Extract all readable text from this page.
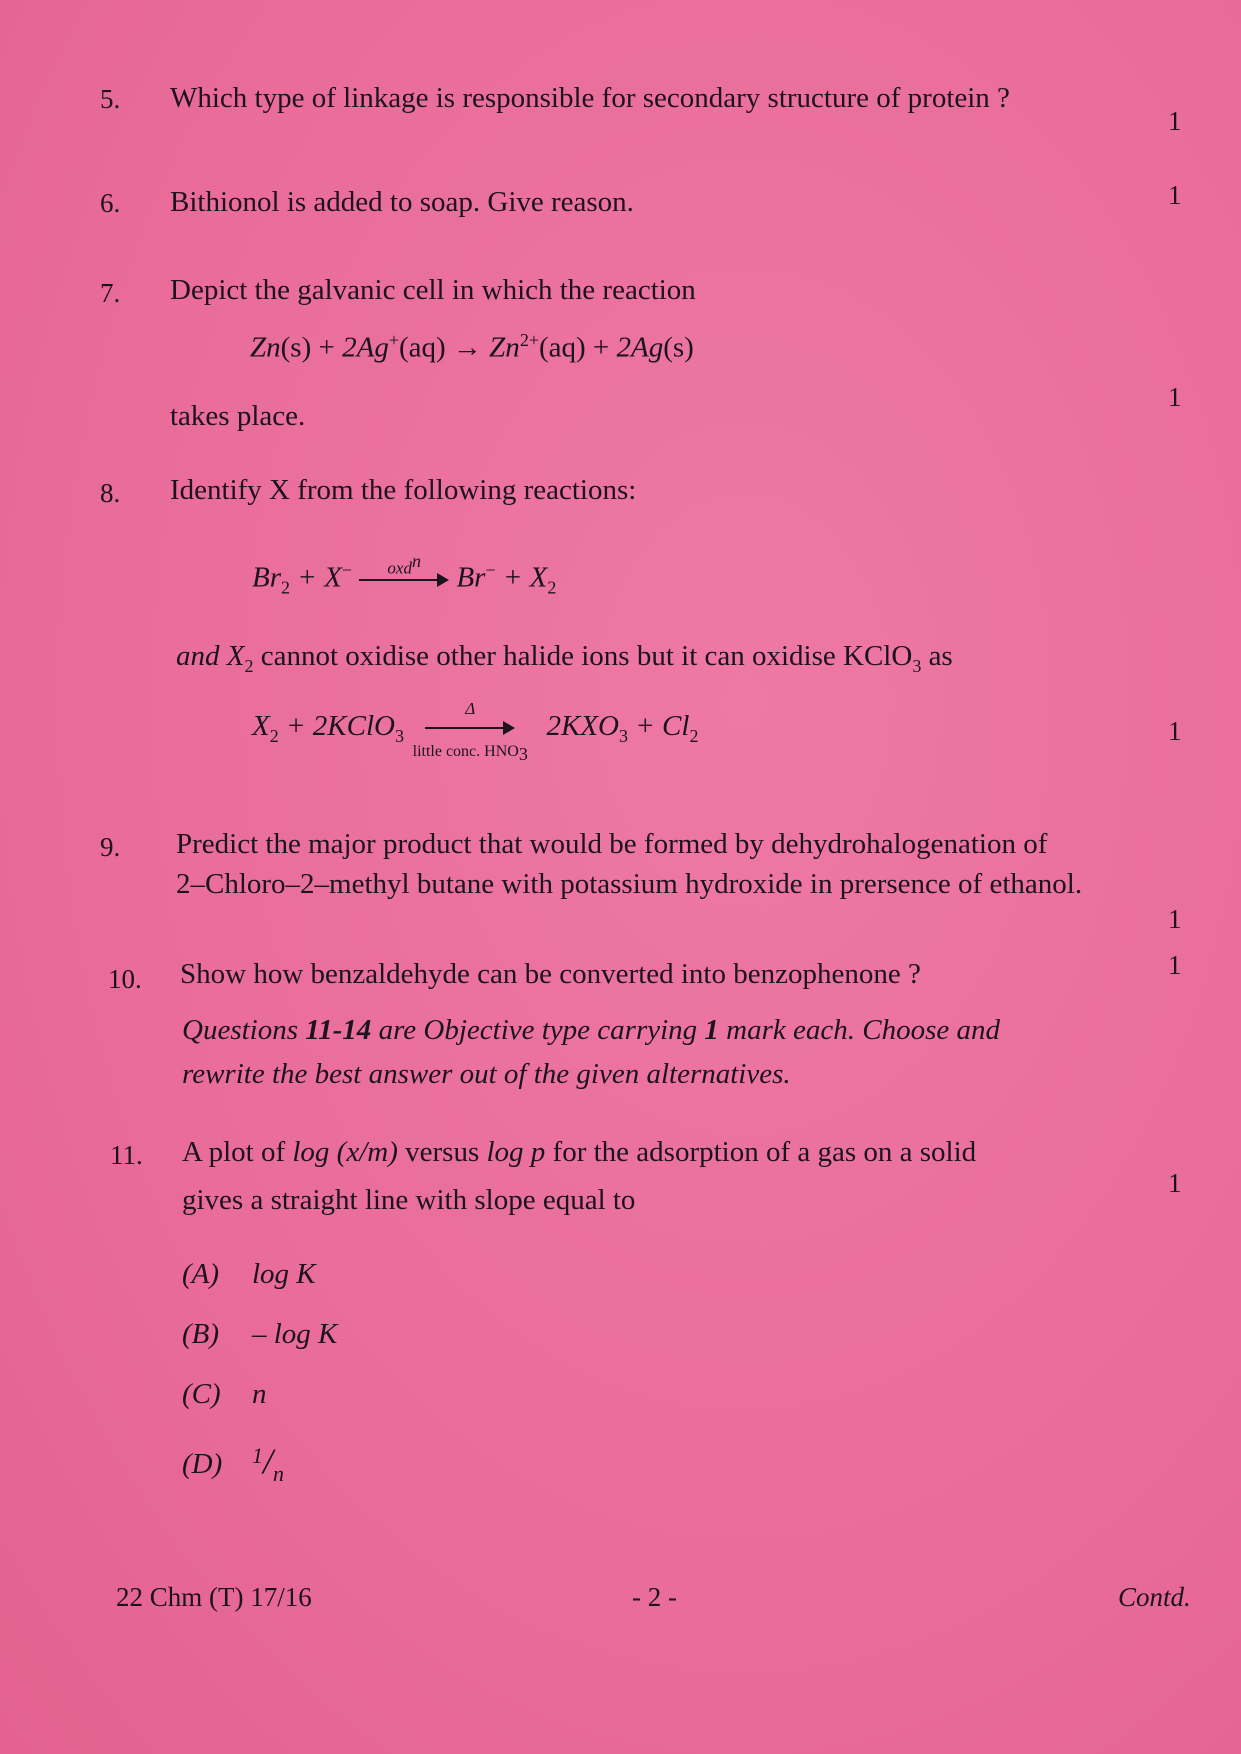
5. Which type of linkage is responsible for secondary structure of protein ?
1
6. Bithionol is added to soap. Give reason.	1
7. Depict the galvanic cell in which the reaction
$Zn(s) + 2Ag^+(aq) \to Zn^{2+}(aq) + 2Ag(s)$
takes place.
1
8. Identify X from the following reactions:
$Br_2 + X^-$	oxd$^n$
$Br^- + X_2$
and $X_2$ cannot oxidise other halide ions but it can oxidise KClO$_3$ as
$X_2$ + 2KClO$_3$
Δ
little conc. $HNO_3$
$2KXO_3 + Cl_2$	1
9. Predict the major product that would be formed by dehydrohalogenation of
2–Chloro–2–methyl butane with potassium hydroxide in prersence of ethanol.
1
10. Show how benzaldehyde can be converted into benzophenone ?	1
Questions 11-14 are Objective type carrying 1 mark each. Choose and
rewrite the best answer out of the given alternatives.
11. A plot of log (x/m) versus log p for the adsorption of a gas on a solid
gives a straight line with slope equal to
1
(A) log K
(B) – log K
(C) n
(D) $^1/_n$
22 Chm (T) 17/16	- 2 -	Contd.
